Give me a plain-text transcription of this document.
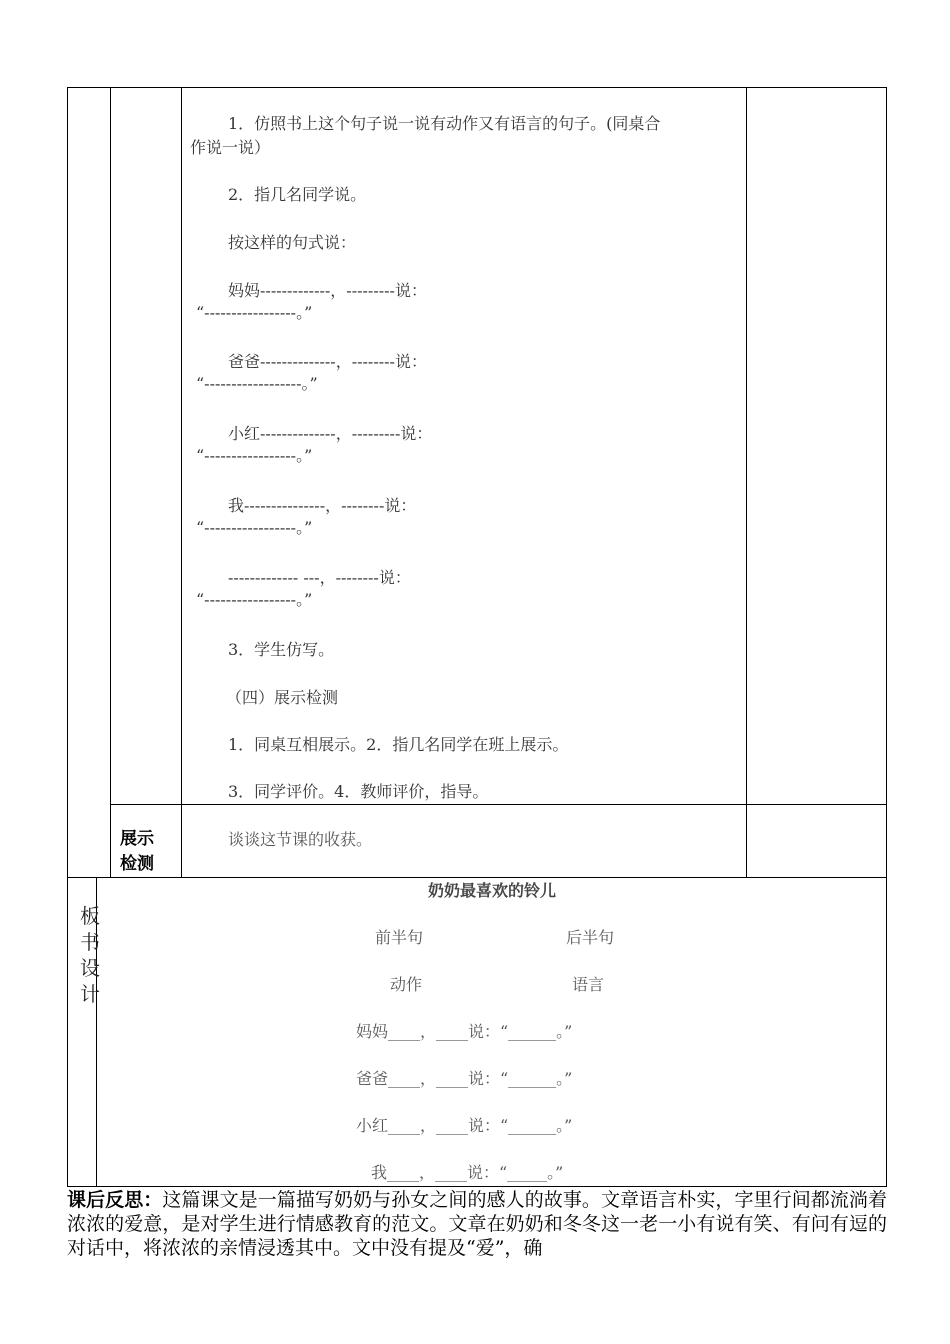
1．仿照书上这个句子说一说有动作又有语言的句子。(同桌合
作说一说）
2．指几名同学说。
按这样的句式说：
妈妈-------------，---------说：
“-----------------。”
爸爸--------------，--------说：
“------------------。”
小红--------------，---------说：
“-----------------。”
我---------------，--------说：
“-----------------。”
------------- ---，--------说：
“-----------------。”
3．学生仿写。
（四）展示检测
1．同桌互相展示。2．指几名同学在班上展示。
3．同学评价。4．教师评价，指导。
展示
检测
谈谈这节课的收获。
板
书
设
计
奶奶最喜欢的铃儿
前半句	后半句
动作	语言
妈妈____，____说：“______。”
爸爸____，____说：“______。”
小红____，____说：“______。”
我____，____说：“_____。”
课后反思：这篇课文是一篇描写奶奶与孙女之间的感人的故事。文章语言朴实，字里行间都流淌着浓浓的爱意，是对学生进行情感教育的范文。文章在奶奶和冬冬这一老一小有说有笑、有问有逗的对话中，将浓浓的亲情浸透其中。文中没有提及“爱”，确
